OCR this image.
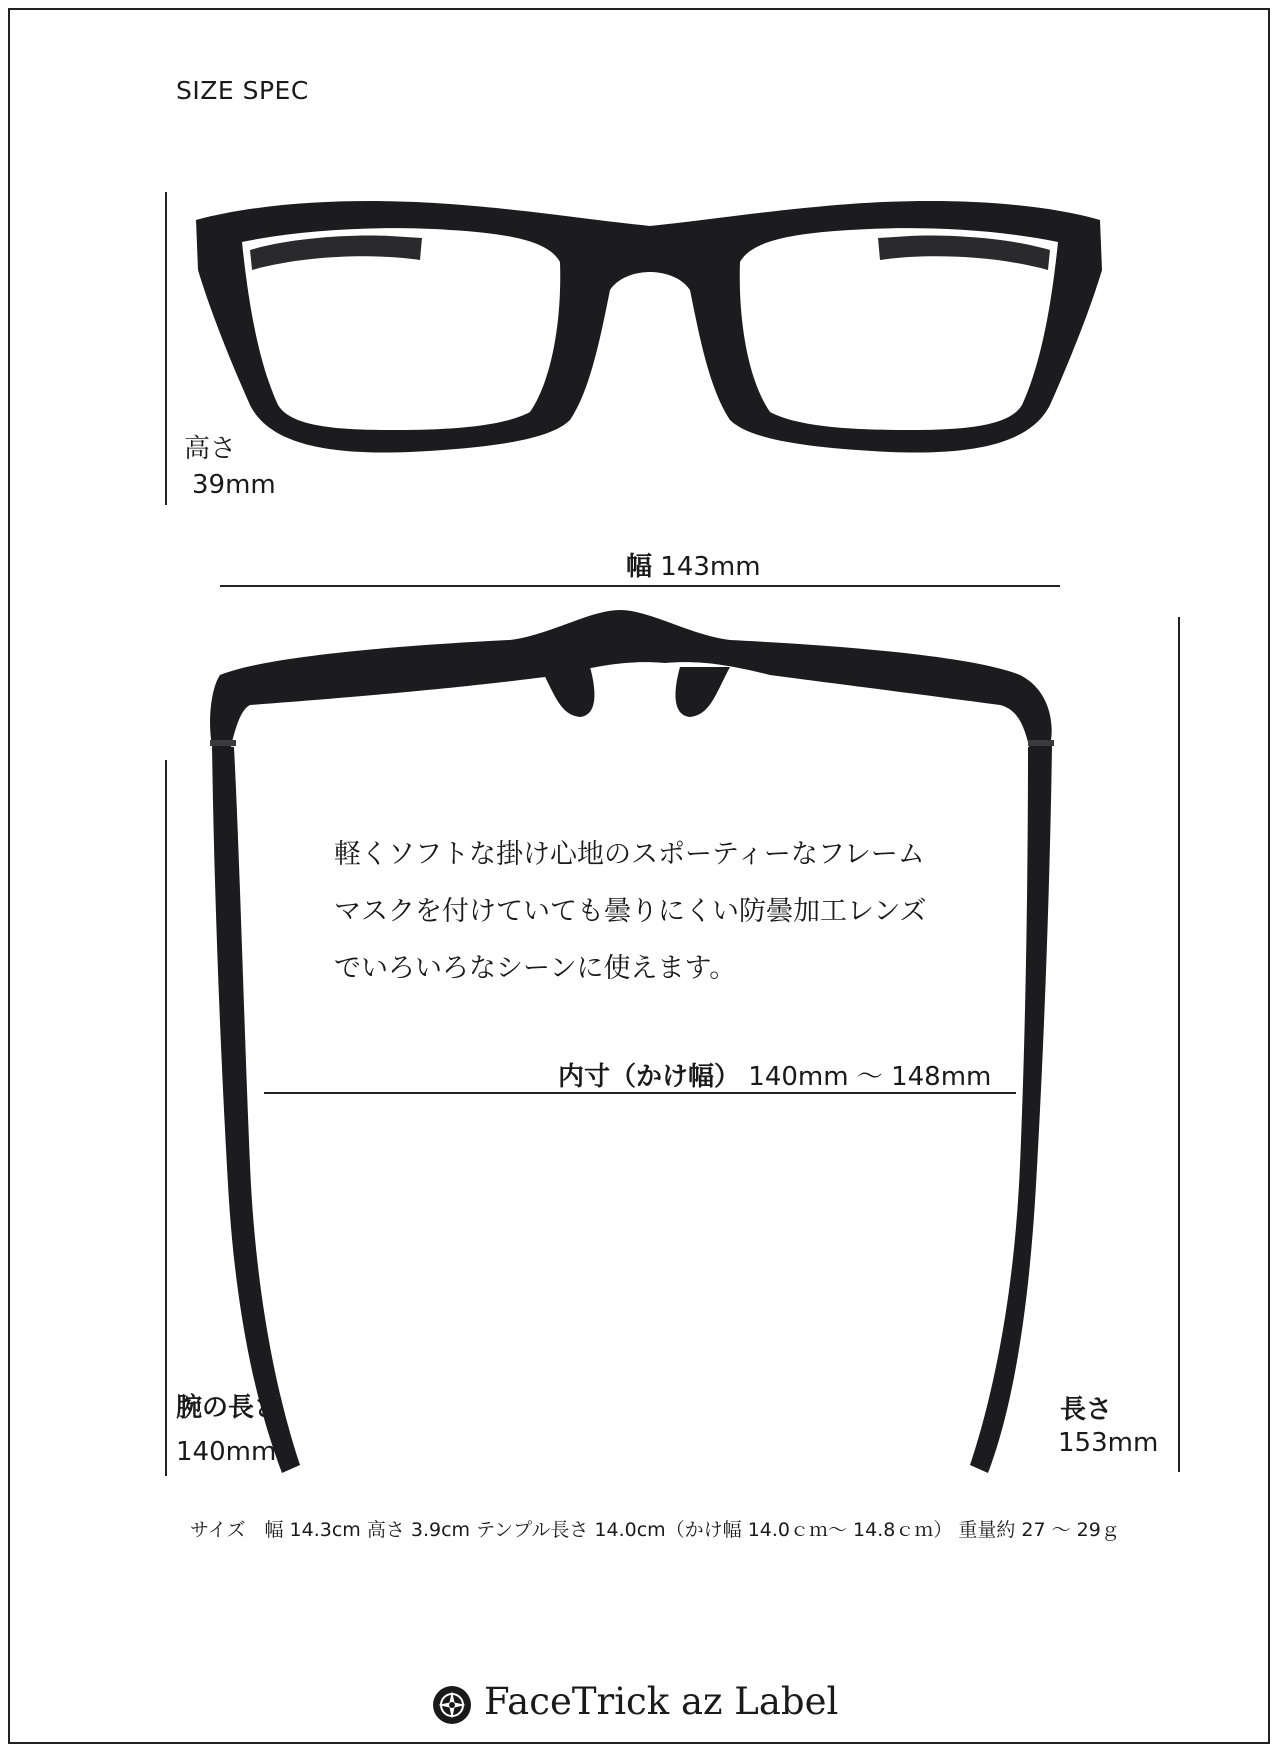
SIZE SPEC
高さ
39mm
幅 143mm
軽くソフトな掛け心地のスポーティーなフレーム
マスクを付けていても曇りにくい防曇加工レンズ
でいろいろなシーンに使えます。
内寸（かけ幅） 140mm 〜 148mm
腕の長さ
140mm
長さ
153mm
サイズ　幅 14.3cm 高さ 3.9cm テンプル長さ 14.0cm（かけ幅 14.0ｃｍ〜 14.8ｃｍ） 重量約 27 〜 29ｇ
FaceTrick az Label
